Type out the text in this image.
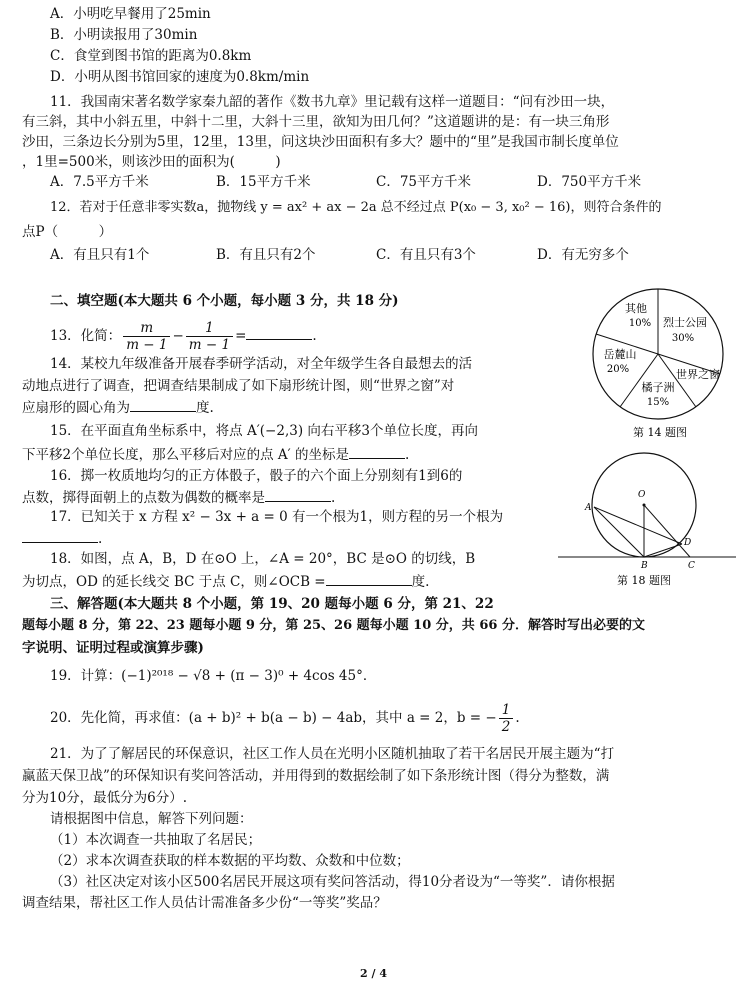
A．小明吃早餐用了25min
B．小明读报用了30min
C．食堂到图书馆的距离为0.8km
D．小明从图书馆回家的速度为0.8km/min
11．我国南宋著名数学家秦九韶的著作《数书九章》里记载有这样一道题目：“问有沙田一块，
有三斜，其中小斜五里，中斜十二里，大斜十三里，欲知为田几何？”这道题讲的是：有一块三角形
沙田，三条边长分别为5里，12里，13里，问这块沙田面积有多大？题中的“里”是我国市制长度单位
，1里=500米，则该沙田的面积为(　　　)
A．7.5平方千米	B．15平方千米	C．75平方千米	D．750平方千米
12．若对于任意非零实数a，抛物线 y = ax² + ax − 2a 总不经过点 P(x₀ − 3, x₀² − 16)，则符合条件的
点P（　　　）
A．有且只有1个	B．有且只有2个	C．有且只有3个	D．有无穷多个
二、填空题(本大题共 6 个小题，每小题 3 分，共 18 分)
13．化简： $\frac{m}{m - 1} - \frac{1}{m - 1}$ =	.
14．某校九年级准备开展春季研学活动，对全年级学生各自最想去的活
动地点进行了调查，把调查结果制成了如下扇形统计图，则“世界之窗”对
应扇形的圆心角为	度.
15．在平面直角坐标系中，将点 A′(−2,3) 向右平移3个单位长度，再向
下平移2个单位长度，那么平移后对应的点 A′ 的坐标是	.
16．掷一枚质地均匀的正方体骰子，骰子的六个面上分别刻有1到6的
点数，掷得面朝上的点数为偶数的概率是	.
17．已知关于 x 方程 x² − 3x + a = 0 有一个根为1，则方程的另一个根为
.
18．如图，点 A，B，D 在⊙O 上，∠A = 20°，BC 是⊙O 的切线，B
为切点，OD 的延长线交 BC 于点 C，则∠OCB =	度.
三、解答题(本大题共 8 个小题，第 19、20 题每小题 6 分，第 21、22
题每小题 8 分，第 22、23 题每小题 9 分，第 25、26 题每小题 10 分，共 66 分．解答时写出必要的文
字说明、证明过程或演算步骤)
19．计算：(−1)²⁰¹⁸ − √8 + (π − 3)⁰ + 4cos 45°．
20．先化简，再求值：(a + b)² + b(a − b) − 4ab，其中 a = 2，b = − $\frac{1}{2}$ .
21．为了了解居民的环保意识，社区工作人员在光明小区随机抽取了若干名居民开展主题为“打
赢蓝天保卫战”的环保知识有奖问答活动，并用得到的数据绘制了如下条形统计图（得分为整数，满
分为10分，最低分为6分）.
请根据图中信息，解答下列问题：
（1）本次调查一共抽取了名居民；
（2）求本次调查获取的样本数据的平均数、众数和中位数；
（3）社区决定对该小区500名居民开展这项有奖问答活动，得10分者设为“一等奖”．请你根据
调查结果，帮社区工作人员估计需准备多少份“一等奖”奖品？
其他
10% 烈士公园
30%
世界之窗
橘子洲
15%
岳麓山
20%
第 14 题图
O
A
B
D
C
第 18 题图
2 / 4
